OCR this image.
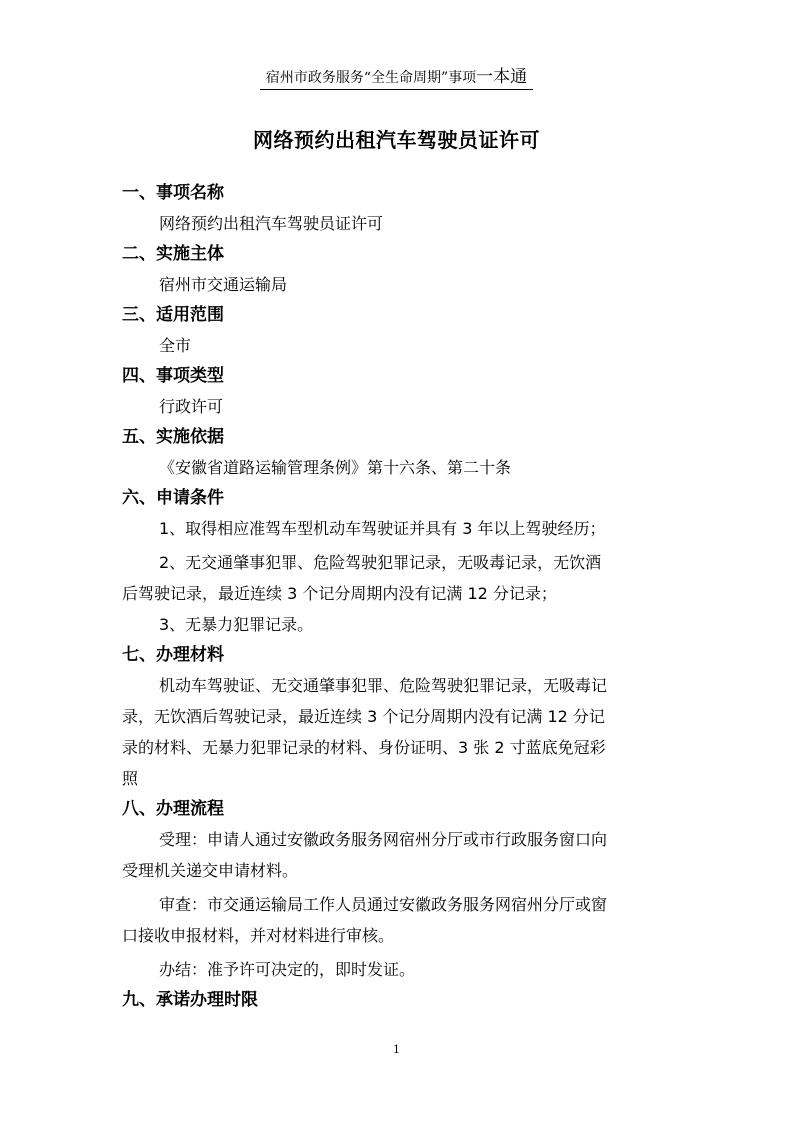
宿州市政务服务“全生命周期”事项一本通
网络预约出租汽车驾驶员证许可
一、事项名称
网络预约出租汽车驾驶员证许可
二、实施主体
宿州市交通运输局
三、适用范围
全市
四、事项类型
行政许可
五、实施依据
《安徽省道路运输管理条例》第十六条、第二十条
六、申请条件
1、取得相应准驾车型机动车驾驶证并具有 3 年以上驾驶经历；
2、无交通肇事犯罪、危险驾驶犯罪记录，无吸毒记录，无饮酒
后驾驶记录，最近连续 3 个记分周期内没有记满 12 分记录；
3、无暴力犯罪记录。
七、办理材料
机动车驾驶证、无交通肇事犯罪、危险驾驶犯罪记录，无吸毒记
录，无饮酒后驾驶记录，最近连续 3 个记分周期内没有记满 12 分记
录的材料、无暴力犯罪记录的材料、身份证明、3 张 2 寸蓝底免冠彩
照
八、办理流程
受理：申请人通过安徽政务服务网宿州分厅或市行政服务窗口向
受理机关递交申请材料。
审查：市交通运输局工作人员通过安徽政务服务网宿州分厅或窗
口接收申报材料，并对材料进行审核。
办结：准予许可决定的，即时发证。
九、承诺办理时限
1
